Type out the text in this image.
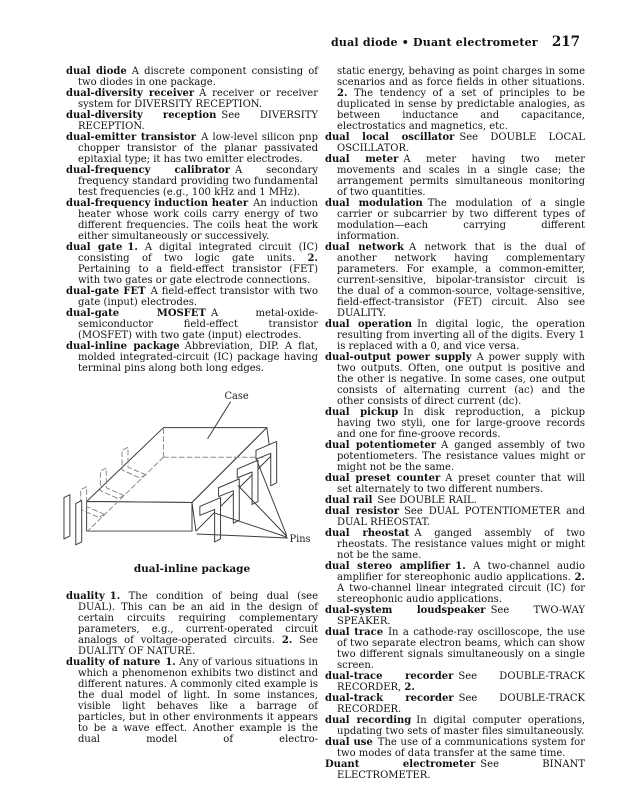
dual diode • Duant electrometer 217

dual diode A discrete component consisting of two diodes in one package.

dual-diversity receiver A receiver or receiver system for DIVERSITY RECEPTION.

dual-diversity reception See DIVERSITY RECEPTION.

dual-emitter transistor A low-level silicon pnp chopper transistor of the planar passivated epitaxial type; it has two emitter electrodes.

dual-frequency calibrator A secondary frequency standard providing two fundamental test frequencies (e.g., 100 kHz and 1 MHz).

dual-frequency induction heater An induction heater whose work coils carry energy of two different frequencies. The coils heat the work either simultaneously or successively.

dual gate 1. A digital integrated circuit (IC) consisting of two logic gate units. 2. Pertaining to a field-effect transistor (FET) with two gates or gate electrode connections.

dual-gate FET A field-effect transistor with two gate (input) electrodes.

dual-gate MOSFET A metal-oxide-semiconductor field-effect transistor (MOSFET) with two gate (input) electrodes.

dual-inline package Abbreviation, DIP. A flat, molded integrated-circuit (IC) package having terminal pins along both long edges.

Case
Pins
dual-inline package

duality 1. The condition of being dual (see DUAL). This can be an aid in the design of certain circuits requiring complementary parameters, e.g., current-operated circuit analogs of voltage-operated circuits. 2. See DUALITY OF NATURE.

duality of nature 1. Any of various situations in which a phenomenon exhibits two distinct and different natures. A commonly cited example is the dual model of light. In some instances, visible light behaves like a barrage of particles, but in other environments it appears to be a wave effect. Another example is the dual model of electro-

static energy, behaving as point charges in some scenarios and as force fields in other situations. 2. The tendency of a set of principles to be duplicated in sense by predictable analogies, as between inductance and capacitance, electrostatics and magnetics, etc.

dual local oscillator See DOUBLE LOCAL OSCILLATOR.

dual meter A meter having two meter movements and scales in a single case; the arrangement permits simultaneous monitoring of two quantities.

dual modulation The modulation of a single carrier or subcarrier by two different types of modulation—each carrying different information.

dual network A network that is the dual of another network having complementary parameters. For example, a common-emitter, current-sensitive, bipolar-transistor circuit is the dual of a common-source, voltage-sensitive, field-effect-transistor (FET) circuit. Also see DUALITY.

dual operation In digital logic, the operation resulting from inverting all of the digits. Every 1 is replaced with a 0, and vice versa.

dual-output power supply A power supply with two outputs. Often, one output is positive and the other is negative. In some cases, one output consists of alternating current (ac) and the other consists of direct current (dc).

dual pickup In disk reproduction, a pickup having two styli, one for large-groove records and one for fine-groove records.

dual potentiometer A ganged assembly of two potentiometers. The resistance values might or might not be the same.

dual preset counter A preset counter that will set alternately to two different numbers.

dual rail See DOUBLE RAIL.

dual resistor See DUAL POTENTIOMETER and DUAL RHEOSTAT.

dual rheostat A ganged assembly of two rheostats. The resistance values might or might not be the same.

dual stereo amplifier 1. A two-channel audio amplifier for stereophonic audio applications. 2. A two-channel linear integrated circuit (IC) for stereophonic audio applications.

dual-system loudspeaker See TWO-WAY SPEAKER.

dual trace In a cathode-ray oscilloscope, the use of two separate electron beams, which can show two different signals simultaneously on a single screen.

dual-trace recorder See DOUBLE-TRACK RECORDER, 2.

dual-track recorder See DOUBLE-TRACK RECORDER.

dual recording In digital computer operations, updating two sets of master files simultaneously.

dual use The use of a communications system for two modes of data transfer at the same time.

Duant electrometer See BINANT ELECTROMETER.
